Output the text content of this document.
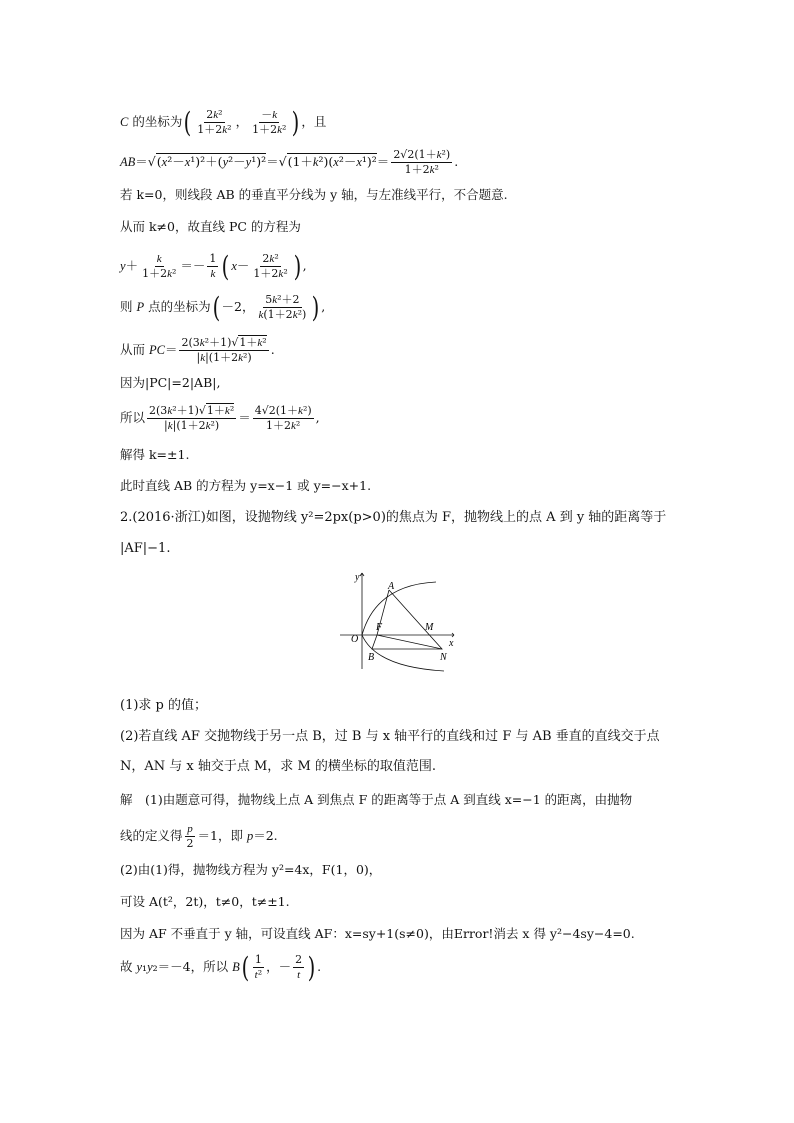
C 的坐标为( $\frac{\text{2k²}}{\text{1＋2k²}}$ ， $\frac{-k}{\text{1＋2k²}}$ ) ，且
$AB=√(x^2-x^1)^2+(y^2-y^1)^2=√(1+k^2)(x^2-x^1)^2= \frac{\text{2√2(1＋k²)}}{\text{1＋2k²}}$ .
若 k=0，则线段 AB 的垂直平分线为 y 轴，与左准线平行，不合题意.
从而 k≠0，故直线 PC 的方程为
$y+ \frac{k}{\text{1＋2k²}} =- \frac{1}{k}$ ( $x- \frac{\text{2k²}}{\text{1＋2k²}}$ ) ,
则 P 点的坐标为( －2， $\frac{\text{5k²＋2}}{\text{k(1＋2k²)}}$ ) ,
从而 $PC= \frac{\text{2(3k²＋1)√1＋k²}}{\text{|k|(1＋2k²)}}$ .
因为|PC|=2|AB|,
所以 $\frac{\text{2(3k²＋1)√1＋k²}}{\text{|k|(1＋2k²)}} = \frac{\text{4√2(1＋k²)}}{\text{1＋2k²}}$ ,
解得 k=±1.
此时直线 AB 的方程为 y=x−1 或 y=−x+1.
2.(2016·浙江)如图，设抛物线 y²=2px(p>0)的焦点为 F，抛物线上的点 A 到 y 轴的距离等于
|AF|−1.
y
x
O
A
F	M
B	N
(1)求 p 的值；
(2)若直线 AF 交抛物线于另一点 B，过 B 与 x 轴平行的直线和过 F 与 AB 垂直的直线交于点
N，AN 与 x 轴交于点 M，求 M 的横坐标的取值范围.
解　(1)由题意可得，抛物线上点 A 到焦点 F 的距离等于点 A 到直线 x=−1 的距离，由抛物
线的定义得 $\frac{p}{2} =1$，即 p＝2.
(2)由(1)得，抛物线方程为 y²=4x，F(1，0)，
可设 A(t²，2t)，t≠0，t≠±1.
因为 AF 不垂直于 y 轴，可设直线 AF：x=sy+1(s≠0)，由Error!消去 x 得 y²−4sy−4=0.
故 y₁y₂＝－4，所以 $B( \frac{1}{\text{t²}}$ ，－ $\frac{2}{t}$ ) .
